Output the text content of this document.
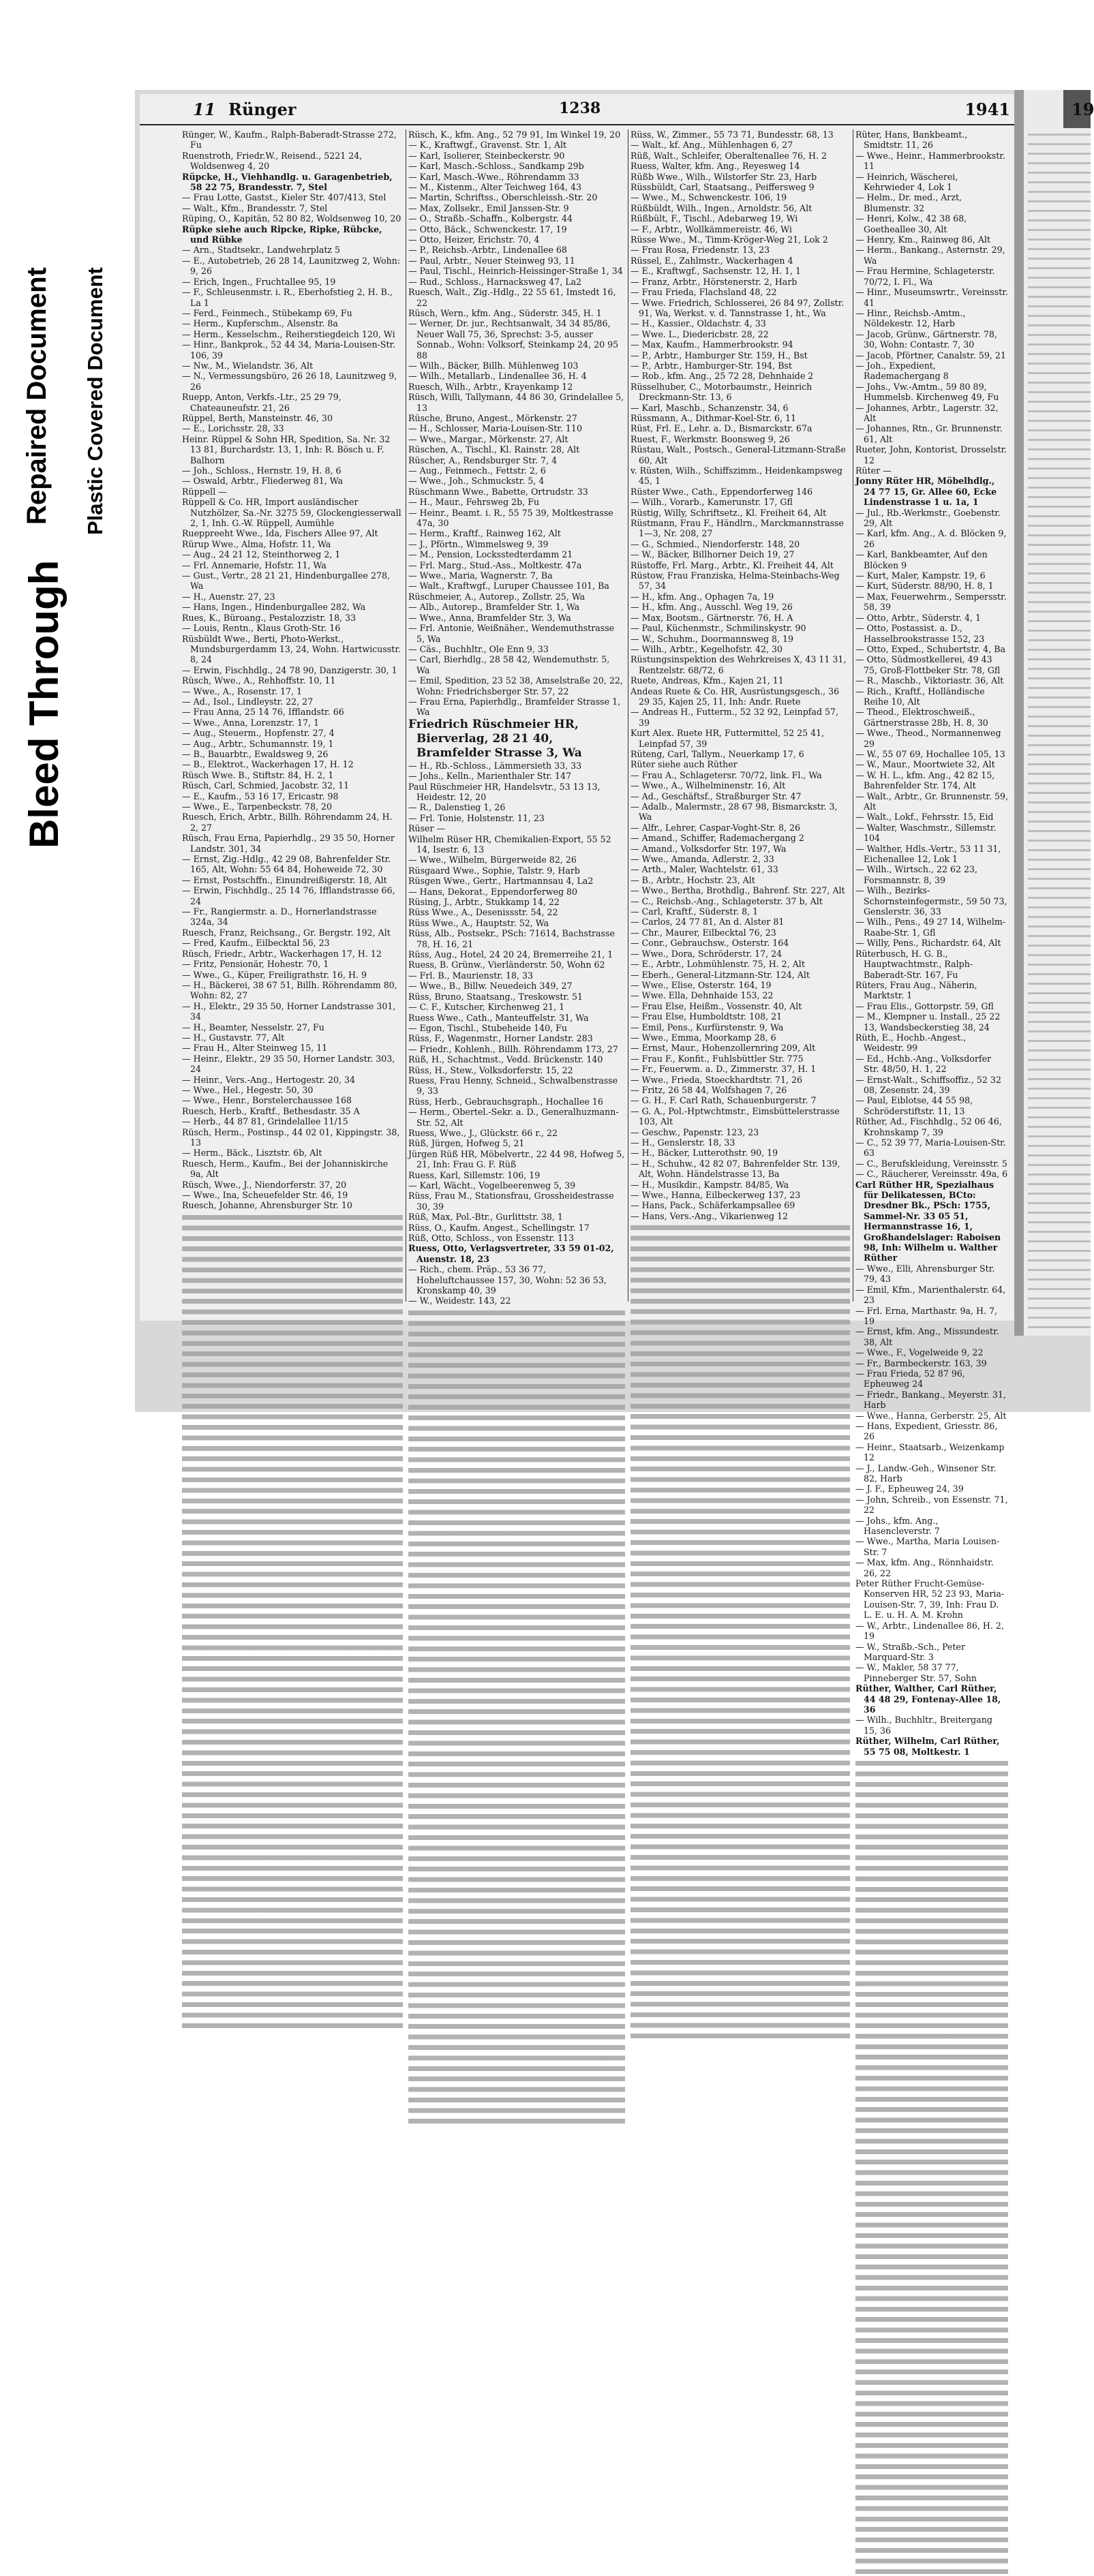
Bleed Through
Repaired Document Plastic Covered Document
19
11 Rünger	1238	1941
Rünger, W., Kaufm., Ralph-Baberadt-Strasse 272, Fu
Ruenstroth, Friedr.W., Reisend., 5221 24, Woldsenweg 4, 20
Rüpcke, H., Viehhandlg. u. Garagenbetrieb, 58 22 75, Brandesstr. 7, Stel
— Frau Lotte, Gastst., Kieler Str. 407/413, Stel
— Walt., Kfm., Brandesstr. 7, Stel
Rüping, O., Kapitän, 52 80 82, Woldsenweg 10, 20
Rüpke siehe auch Ripcke, Ripke, Rübcke, und Rübke
— Arn., Stadtsekr., Landwehrplatz 5
— E., Autobetrieb, 26 28 14, Launitzweg 2, Wohn: 9, 26
— Erich, Ingen., Fruchtallee 95, 19
— F., Schleusenmstr. i. R., Eberhofstieg 2, H. B., La 1
— Ferd., Feinmech., Stübekamp 69, Fu
— Herm., Kupferschm., Alsenstr. 8a
— Herm., Kesselschm., Reiherstiegdeich 120, Wi
— Hinr., Bankprok., 52 44 34, Maria-Louisen-Str. 106, 39
— Nw., M., Wielandstr. 36, Alt
— N., Vermessungsbüro, 26 26 18, Launitzweg 9, 26
Ruepp, Anton, Verkfs.-Ltr., 25 29 79, Chateauneufstr. 21, 26
Rüppel, Berth, Mansteinstr. 46, 30
— E., Lorichsstr. 28, 33
Heinr. Rüppel & Sohn HR, Spedition, Sa. Nr. 32 13 81, Burchardstr. 13, 1, Inh: R. Bösch u. F. Balhorn
— Joh., Schloss., Hernstr. 19, H. 8, 6
— Oswald, Arbtr., Fliederweg 81, Wa
Rüppell —
Rüppell & Co. HR, Import ausländischer Nutzhölzer, Sa.-Nr. 3275 59, Glockengiesserwall 2, 1, Inh. G.-W. Rüppell, Aumühle
Rueppreeht Wwe., Ida, Fischers Allee 97, Alt
Rürup Wwe., Alma, Hofstr. 11, Wa
— Aug., 24 21 12, Steinthorweg 2, 1
— Frl. Annemarie, Hofstr. 11, Wa
— Gust., Vertr., 28 21 21, Hindenburgallee 278, Wa
— H., Auenstr. 27, 23
— Hans, Ingen., Hindenburgallee 282, Wa
Rues, K., Büroang., Pestalozzistr. 18, 33
— Louis, Rentn., Klaus Groth-Str. 16
Rüsbüldt Wwe., Berti, Photo-Werkst., Mundsburgerdamm 13, 24, Wohn. Hartwicusstr. 8, 24
— Erwin, Fischhdlg., 24 78 90, Danzigerstr. 30, 1
Rüsch, Wwe., A., Rehhoffstr. 10, 11
— Wwe., A., Rosenstr. 17, 1
— Ad., Isol., Lindleystr. 22, 27
— Frau Anna, 25 14 76, Ifflandstr. 66
— Wwe., Anna, Lorenzstr. 17, 1
— Aug., Steuerm., Hopfenstr. 27, 4
— Aug., Arbtr., Schumannstr. 19, 1
— B., Bauarbtr., Ewaldsweg 9, 26
— B., Elektrot., Wackerhagen 17, H. 12
Rüsch Wwe. B., Stiftstr. 84, H. 2, 1
Rüsch, Carl, Schmied, Jacobstr. 32, 11
— E., Kaufm., 53 16 17, Ericastr. 98
— Wwe., E., Tarpenbeckstr. 78, 20
Ruesch, Erich, Arbtr., Billh. Röhrendamm 24, H. 2, 27
Rüsch, Frau Erna, Papierhdlg., 29 35 50, Horner Landstr. 301, 34
— Ernst, Zig.-Hdlg., 42 29 08, Bahrenfelder Str. 165, Alt, Wohn: 55 64 84, Hoheweide 72, 30
— Ernst, Postschffn., Einundreißigerstr. 18, Alt
— Erwin, Fischhdlg., 25 14 76, Ifflandstrasse 66, 24
— Fr., Rangiermstr. a. D., Hornerlandstrasse 324a, 34
Ruesch, Franz, Reichsang., Gr. Bergstr. 192, Alt
— Fred, Kaufm., Eilbecktal 56, 23
Rüsch, Friedr., Arbtr., Wackerhagen 17, H. 12
— Fritz, Pensionär, Hohestr. 70, 1
— Wwe., G., Küper, Freiligrathstr. 16, H. 9
— H., Bäckerei, 38 67 51, Billh. Röhrendamm 80, Wohn: 82, 27
— H., Elektr., 29 35 50, Horner Landstrasse 301, 34
— H., Beamter, Nesselstr. 27, Fu
— H., Gustavstr. 77, Alt
— Frau H., Alter Steinweg 15, 11
— Heinr., Elektr., 29 35 50, Horner Landstr. 303, 24
— Heinr., Vers.-Ang., Hertogestr. 20, 34
— Wwe., Hel., Hegestr. 50, 30
— Wwe., Henr., Borstelerchaussee 168
Ruesch, Herb., Kraftf., Bethesdastr. 35 A
— Herb., 44 87 81, Grindelallee 11/15
Rüsch, Herm., Postinsp., 44 02 01, Kippingstr. 38, 13
— Herm., Bäck., Lisztstr. 6b, Alt
Ruesch, Herm., Kaufm., Bei der Johanniskirche 9a, Alt
Rüsch, Wwe., J., Niendorferstr. 37, 20
— Wwe., Ina, Scheuefelder Str. 46, 19
Ruesch, Johanne, Ahrensburger Str. 10
Rüsch, K., kfm. Ang., 52 79 91, Im Winkel 19, 20
— K., Kraftwgf., Gravenst. Str. 1, Alt
— Karl, Isolierer, Steinbeckerstr. 90
— Karl, Masch.-Schloss., Sandkamp 29b
— Karl, Masch.-Wwe., Röhrendamm 33
— M., Kistenm., Alter Teichweg 164, 43
— Martin, Schriftss., Oberschleissh.-Str. 20
— Max, Zollsekr., Emil Janssen-Str. 9
— O., Straßb.-Schaffn., Kolbergstr. 44
— Otto, Bäck., Schwenckestr. 17, 19
— Otto, Heizer, Erichstr. 70, 4
— P., Reichsb.-Arbtr., Lindenallee 68
— Paul, Arbtr., Neuer Steinweg 93, 11
— Paul, Tischl., Heinrich-Heissinger-Straße 1, 34
— Rud., Schloss., Harnacksweg 47, La2
Ruesch, Walt., Zig.-Hdlg., 22 55 61, Imstedt 16, 22
Rüsch, Wern., kfm. Ang., Süderstr. 345, H. 1
— Werner, Dr. jur., Rechtsanwalt, 34 34 85/86, Neuer Wall 75, 36, Sprechst: 3-5, ausser Sonnab., Wohn: Volksorf, Steinkamp 24, 20 95 88
— Wilh., Bäcker, Billh. Mühlenweg 103
— Wilh., Metallarb., Lindenallee 36, H. 4
Ruesch, Wilh., Arbtr., Krayenkamp 12
Rüsch, Willi, Tallymann, 44 86 30, Grindelallee 5, 13
Rüsche, Bruno, Angest., Mörkenstr. 27
— H., Schlosser, Maria-Louisen-Str. 110
— Wwe., Margar., Mörkenstr. 27, Alt
Rüschen, A., Tischl., Kl. Rainstr. 28, Alt
Rüscher, A., Rendsburger Str. 7, 4
— Aug., Feinmech., Fettstr. 2, 6
— Wwe., Joh., Schmuckstr. 5, 4
Rüschmann Wwe., Babette, Ortrudstr. 33
— H., Maur., Fehrsweg 2b, Fu
— Heinr., Beamt. i. R., 55 75 39, Moltkestrasse 47a, 30
— Herm., Kraftf., Rainweg 162, Alt
— J., Pförtn., Wimmelsweg 9, 39
— M., Pension, Locksstedterdamm 21
— Frl. Marg., Stud.-Ass., Moltkestr. 47a
— Wwe., Maria, Wagnerstr. 7, Ba
— Walt., Kraftwgf., Luruper Chaussee 101, Ba
Rüschmeier, A., Autorep., Zollstr. 25, Wa
— Alb., Autorep., Bramfelder Str. 1, Wa
— Wwe., Anna, Bramfelder Str. 3, Wa
— Frl. Antonie, Weißnäher., Wendemuthstrasse 5, Wa
— Cäs., Buchhltr., Ole Enn 9, 33
— Carl, Bierhdlg., 28 58 42, Wendemuthstr. 5, Wa
— Emil, Spedition, 23 52 38, Amselstraße 20, 22, Wohn: Friedrichsberger Str. 57, 22
— Frau Erna, Papierhdlg., Bramfelder Strasse 1, Wa
Friedrich Rüschmeier HR, Bierverlag, 28 21 40, Bramfelder Strasse 3, Wa
— H., Rb.-Schloss., Lämmersieth 33, 33
— Johs., Kelln., Marienthaler Str. 147
Paul Rüschmeier HR, Handelsvtr., 53 13 13, Heidestr. 12, 20
— R., Dalenstieg 1, 26
— Frl. Tonie, Holstenstr. 11, 23
Rüser —
Wilhelm Rüser HR, Chemikalien-Export, 55 52 14, Isestr. 6, 13
— Wwe., Wilhelm, Bürgerweide 82, 26
Rüsgaard Wwe., Sophie, Talstr. 9, Harb
Rüsgen Wwe., Gertr., Hartmannsau 4, La2
— Hans, Dekorat., Eppendorferweg 80
Rüsing, J., Arbtr., Stukkamp 14, 22
Rüss Wwe., A., Desenissstr. 54, 22
Rüss Wwe., A., Hauptstr. 52, Wa
Rüss, Alb., Postsekr., PSch: 71614, Bachstrasse 78, H. 16, 21
Rüss, Aug., Hotel, 24 20 24, Bremerreihe 21, 1
Ruess, B. Grünw., Vierländerstr. 50, Wohn 62
— Frl. B., Maurienstr. 18, 33
— Wwe., B., Billw. Neuedeich 349, 27
Rüss, Bruno, Staatsang., Treskowstr. 51
— C. F., Kutscher, Kirchenweg 21, 1
Ruess Wwe., Cath., Manteuffelstr. 31, Wa
— Egon, Tischl., Stubeheide 140, Fu
Rüss, F., Wagenmstr., Horner Landstr. 283
— Friedr., Kohlenh., Billh. Röhrendamm 173, 27
Rüß, H., Schachtmst., Vedd. Brückenstr. 140
Rüss, H., Stew., Volksdorferstr. 15, 22
Ruess, Frau Henny, Schneid., Schwalbenstrasse 9, 33
Rüss, Herb., Gebrauchsgraph., Hochallee 16
— Herm., Obertel.-Sekr. a. D., Generalhuzmann-Str. 52, Alt
Ruess, Wwe., J., Glückstr. 66 r., 22
Rüß, Jürgen, Hofweg 5, 21
Jürgen Rüß HR, Möbelvertr., 22 44 98, Hofweg 5, 21, Inh: Frau G. F. Rüß
Ruess, Karl, Sillemstr. 106, 19
— Karl, Wächt., Vogelbeerenweg 5, 39
Rüss, Frau M., Stationsfrau, Grossheidestrasse 30, 39
Rüß, Max, Pol.-Btr., Gurlittstr. 38, 1
Rüss, O., Kaufm. Angest., Schellingstr. 17
Rüß, Otto, Schloss., von Essenstr. 113
Ruess, Otto, Verlagsvertreter, 33 59 01-02, Auenstr. 18, 23
— Rich., chem. Präp., 53 36 77, Hoheluftchaussee 157, 30, Wohn: 52 36 53, Kronskamp 40, 39
— W., Weidestr. 143, 22
Rüss, W., Zimmer., 55 73 71, Bundesstr. 68, 13
— Walt., kf. Ang., Mühlenhagen 6, 27
Rüß, Walt., Schleifer, Oberaltenallee 76, H. 2
Ruess, Walter, kfm. Ang., Reyesweg 14
Rüßb Wwe., Wilh., Wilstorfer Str. 23, Harb
Rüssbüldt, Carl, Staatsang., Peiffersweg 9
— Wwe., M., Schwenckestr. 106, 19
Rüßbüldt, Wilh., Ingen., Arnoldstr. 56, Alt
Rüßbült, F., Tischl., Adebarweg 19, Wi
— F., Arbtr., Wollkämmereistr. 46, Wi
Rüsse Wwe., M., Timm-Kröger-Weg 21, Lok 2
— Frau Rosa, Friedenstr. 13, 23
Rüssel, E., Zahlmstr., Wackerhagen 4
— E., Kraftwgf., Sachsenstr. 12, H. 1, 1
— Franz, Arbtr., Hörstenerstr. 2, Harb
— Frau Frieda, Flachsland 48, 22
— Wwe. Friedrich, Schlosserei, 26 84 97, Zollstr. 91, Wa, Werkst. v. d. Tannstrasse 1, ht., Wa
— H., Kassier., Oldachstr. 4, 33
— Wwe. L., Diedericbstr. 28, 22
— Max, Kaufm., Hammerbrookstr. 94
— P., Arbtr., Hamburger Str. 159, H., Bst
— P., Arbtr., Hamburger-Str. 194, Bst
— Rob., kfm. Ang., 25 72 28, Dehnhaide 2
Rüsselhuber, C., Motorbaumstr., Heinrich Dreckmann-Str. 13, 6
— Karl, Maschb., Schanzenstr. 34, 6
Rüssmann, A., Dithmar-Koel-Str. 6, 11
Rüst, Frl. E., Lehr. a. D., Bismarckstr. 67a
Ruest, F., Werkmstr. Boonsweg 9, 26
Rüstau, Walt., Postsch., General-Litzmann-Straße 60, Alt
v. Rüsten, Wilh., Schiffszimm., Heidenkampsweg 45, 1
Rüster Wwe., Cath., Eppendorferweg 146
— Wilh., Vorarb., Kamerunstr. 17, Gfl
Rüstig, Willy, Schriftsetz., Kl. Freiheit 64, Alt
Rüstmann, Frau F., Händlrn., Marckmannstrasse 1—3, Nr. 208, 27
— G., Schmied., Niendorferstr. 148, 20
— W., Bäcker, Billhorner Deich 19, 27
Rüstoffe, Frl. Marg., Arbtr., Kl. Freiheit 44, Alt
Rüstow, Frau Franziska, Helma-Steinbachs-Weg 57, 34
— H., kfm. Ang., Ophagen 7a, 19
— H., kfm. Ang., Ausschl. Weg 19, 26
— Max, Bootsm., Gärtnerstr. 76, H. A
— Paul, Küchenmstr., Schmilinskystr. 90
— W., Schuhm., Doormannsweg 8, 19
— Wilh., Arbtr., Kegelhofstr. 42, 30
Rüstungsinspektion des Wehrkreises X, 43 11 31, Rentzelstr. 68/72, 6
Ruete, Andreas, Kfm., Kajen 21, 11
Andeas Ruete & Co. HR, Ausrüstungsgesch., 36 29 35, Kajen 25, 11, Inh: Andr. Ruete
— Andreas H., Futterm., 52 32 92, Leinpfad 57, 39
Kurt Alex. Ruete HR, Futtermittel, 52 25 41, Leinpfad 57, 39
Rüteng, Carl, Tallym., Neuerkamp 17, 6
Rüter siehe auch Rüther
— Frau A., Schlagetersr. 70/72, link. Fl., Wa
— Wwe., A., Wilhelminenstr. 16, Alt
— Ad., Geschäftsf., Straßburger Str. 47
— Adalb., Malermstr., 28 67 98, Bismarckstr. 3, Wa
— Alfr., Lehrer, Caspar-Voght-Str. 8, 26
— Amand., Schiffer, Rademachergang 2
— Amand., Volksdorfer Str. 197, Wa
— Wwe., Amanda, Adlerstr. 2, 33
— Arth., Maler, Wachtelstr. 61, 33
— B., Arbtr., Hochstr. 23, Alt
— Wwe., Bertha, Brothdlg., Bahrenf. Str. 227, Alt
— C., Reichsb.-Ang., Schlageterstr. 37 b, Alt
— Carl, Kraftf., Süderstr. 8, 1
— Carlos, 24 77 81, An d. Alster 81
— Chr., Maurer, Eilbecktal 76, 23
— Conr., Gebrauchsw., Osterstr. 164
— Wwe., Dora, Schröderstr. 17, 24
— E., Arbtr., Lohmühlenstr. 75, H. 2, Alt
— Eberh., General-Litzmann-Str. 124, Alt
— Wwe., Elise, Osterstr. 164, 19
— Wwe. Ella, Dehnhaide 153, 22
— Frau Else, Heißm., Vossenstr. 40, Alt
— Frau Else, Humboldtstr. 108, 21
— Emil, Pens., Kurfürstenstr. 9, Wa
— Wwe., Emma, Moorkamp 28, 6
— Ernst, Maur., Hohenzollernring 209, Alt
— Frau F., Konfit., Fuhlsbüttler Str. 775
— Fr., Feuerwm. a. D., Zimmerstr. 37, H. 1
— Wwe., Frieda, Stoeckhardtstr. 71, 26
— Fritz, 26 58 44, Wolfshagen 7, 26
— G. H., F. Carl Rath, Schauenburgerstr. 7
— G. A., Pol.-Hptwchtmstr., Eimsbüttelerstrasse 103, Alt
— Geschw., Papenstr. 123, 23
— H., Genslerstr. 18, 33
— H., Bäcker, Lutterothstr. 90, 19
— H., Schuhw., 42 82 07, Bahrenfelder Str. 139, Alt, Wohn. Händelstrasse 13, Ba
— H., Musikdir., Kampstr. 84/85, Wa
— Wwe., Hanna, Eilbeckerweg 137, 23
— Hans, Pack., Schäferkampsallee 69
— Hans, Vers.-Ang., Vikarienweg 12
Rüter, Hans, Bankbeamt., Smidtstr. 11, 26
— Wwe., Heinr., Hammerbrookstr. 11
— Heinrich, Wäscherei, Kehrwieder 4, Lok 1
— Helm., Dr. med., Arzt, Blumenstr. 32
— Henri, Kolw., 42 38 68, Goetheallee 30, Alt
— Henry, Km., Rainweg 86, Alt
— Herm., Bankang., Asternstr. 29, Wa
— Frau Hermine, Schlageterstr. 70/72, I. Fl., Wa
— Hinr., Museumswrtr., Vereinsstr. 41
— Hinr., Reichsb.-Amtm., Nöldekestr. 12, Harb
— Jacob, Grünw., Gärtnerstr. 78, 30, Wohn: Contastr. 7, 30
— Jacob, Pförtner, Canalstr. 59, 21
— Joh., Expedient, Rademachergang 8
— Johs., Vw.-Amtm., 59 80 89, Hummelsb. Kirchenweg 49, Fu
— Johannes, Arbtr., Lagerstr. 32, Alt
— Johannes, Rtn., Gr. Brunnenstr. 61, Alt
Rueter, John, Kontorist, Drosselstr. 12
Rüter —
Jonny Rüter HR, Möbelhdlg., 24 77 15, Gr. Allee 60, Ecke Lindenstrasse 1 u. 1a, 1
— Jul., Rb.-Werkmstr., Goebenstr. 29, Alt
— Karl, kfm. Ang., A. d. Blöcken 9, 26
— Karl, Bankbeamter, Auf den Blöcken 9
— Kurt, Maler, Kampstr. 19, 6
— Kurt, Süderstr. 88/90, H. 8, 1
— Max, Feuerwehrm., Sempersstr. 58, 39
— Otto, Arbtr., Süderstr. 4, 1
— Otto, Postassist. a. D., Hasselbrookstrasse 152, 23
— Otto, Exped., Schubertstr. 4, Ba
— Otto, Südmostkellerei, 49 43 75, Groß-Flottbeker Str. 78, Gfl
— R., Maschb., Viktoriastr. 36, Alt
— Rich., Kraftf., Holländische Reihe 10, Alt
— Theod., Elektroschweiß., Gärtnerstrasse 28b, H. 8, 30
— Wwe., Theod., Normannenweg 29
— W., 55 07 69, Hochallee 105, 13
— W., Maur., Moortwiete 32, Alt
— W. H. L., kfm. Ang., 42 82 15, Bahrenfelder Str. 174, Alt
— Walt., Arbtr., Gr. Brunnenstr. 59, Alt
— Walt., Lokf., Fehrsstr. 15, Eid
— Walter, Waschmstr., Sillemstr. 104
— Walther, Hdls.-Vertr., 53 11 31, Eichenallee 12, Lok 1
— Wilh., Wirtsch., 22 62 23, Forsmannstr. 8, 39
— Wilh., Bezirks-Schornsteinfegermstr., 59 50 73, Genslerstr. 36, 33
— Wilh., Pens., 49 27 14, Wilhelm-Raabe-Str. 1, Gfl
— Willy, Pens., Richardstr. 64, Alt
Rüterbusch, H. G. B., Hauptwachtmstr., Ralph-Baberadt-Str. 167, Fu
Rüters, Frau Aug., Näherin, Marktstr. 1
— Frau Elis., Gottorpstr. 59, Gfl
— M., Klempner u. Install., 25 22 13, Wandsbeckerstieg 38, 24
Rüth, E., Hochb.-Angest., Weidestr. 99
— Ed., Hchb.-Ang., Volksdorfer Str. 48/50, H. 1, 22
— Ernst-Walt., Schiffsoffiz., 52 32 08, Zesenstr. 24, 39
— Paul, Eiblotse, 44 55 98, Schröderstiftstr. 11, 13
Rüther, Ad., Fischhdlg., 52 06 46, Krohnskamp 7, 39
— C., 52 39 77, Maria-Louisen-Str. 63
— C., Berufskleidung, Vereinsstr. 5
— C., Räucherer, Vereinsstr. 49a, 6
Carl Rüther HR, Spezialhaus für Delikatessen, BCto: Dresdner Bk., PSch: 1755, Sammel-Nr. 33 05 51, Hermannstrasse 16, 1, Großhandelslager: Raboisen 98, Inh: Wilhelm u. Walther Rüther
— Wwe., Elli, Ahrensburger Str. 79, 43
— Emil, Kfm., Marienthalerstr. 64, 23
— Frl. Erna, Marthastr. 9a, H. 7, 19
— Ernst, kfm. Ang., Missundestr. 38, Alt
— Wwe., F., Vogelweide 9, 22
— Fr., Barmbeckerstr. 163, 39
— Frau Frieda, 52 87 96, Epheuweg 24
— Friedr., Bankang., Meyerstr. 31, Harb
— Wwe., Hanna, Gerberstr. 25, Alt
— Hans, Expedient, Griesstr. 86, 26
— Heinr., Staatsarb., Weizenkamp 12
— J., Landw.-Geh., Winsener Str. 82, Harb
— J. F., Epheuweg 24, 39
— John, Schreib., von Essenstr. 71, 22
— Johs., kfm. Ang., Hasencleverstr. 7
— Wwe., Martha, Maria Louisen-Str. 7
— Max, kfm. Ang., Rönnhaidstr. 26, 22
Peter Rüther Frucht-Gemüse-Konserven HR, 52 23 93, Maria-Louisen-Str. 7, 39, Inh: Frau D. L. E. u. H. A. M. Krohn
— W., Arbtr., Lindenallee 86, H. 2, 19
— W., Straßb.-Sch., Peter Marquard-Str. 3
— W., Makler, 58 37 77, Pinneberger Str. 57, Sohn
Rüther, Walther, Carl Rüther, 44 48 29, Fontenay-Allee 18, 36
— Wilh., Buchhltr., Breitergang 15, 36
Rüther, Wilhelm, Carl Rüther, 55 75 08, Moltkestr. 1
